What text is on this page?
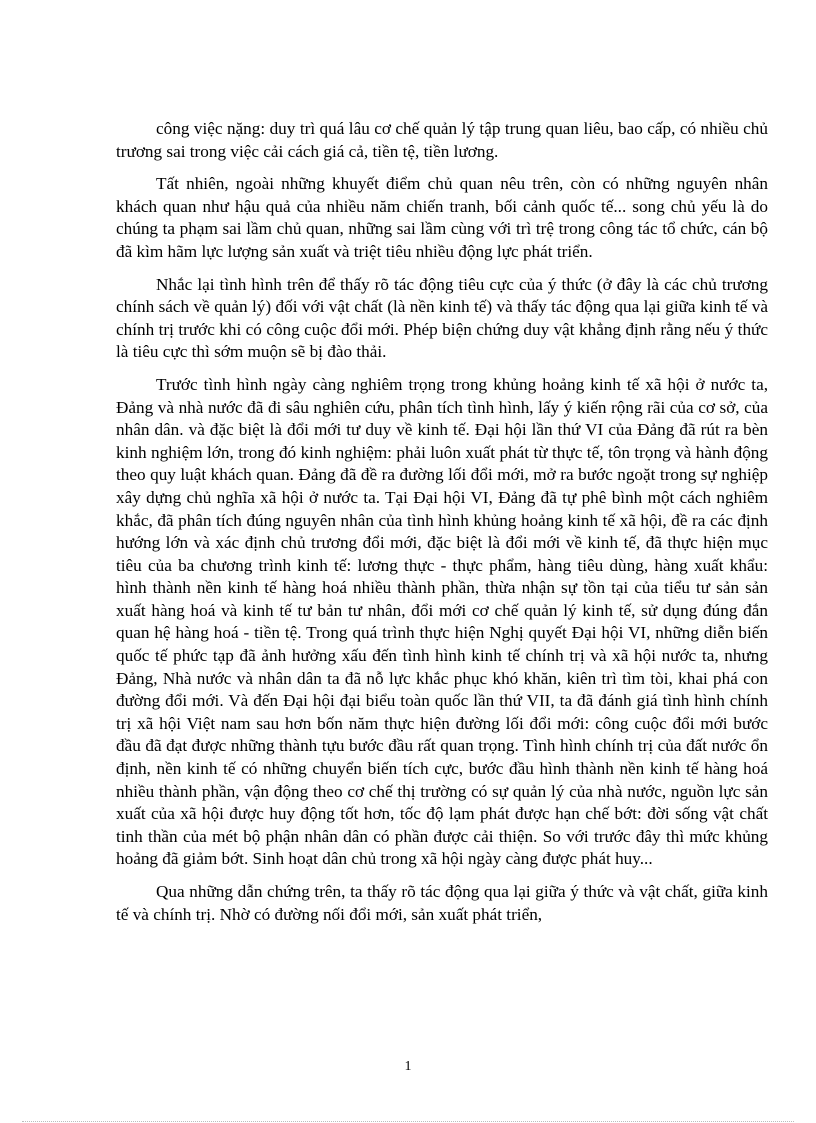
công việc nặng: duy trì quá lâu cơ chế quản lý tập trung quan liêu, bao cấp, có nhiều chủ trương sai trong việc cải cách giá cả, tiền tệ, tiền lương.

Tất nhiên, ngoài những khuyết điểm chủ quan nêu trên, còn có những nguyên nhân khách quan như hậu quả của nhiều năm chiến tranh, bối cảnh quốc tế... song chủ yếu là do chúng ta phạm sai lầm chủ quan, những sai lầm cùng với trì trệ trong công tác tổ chức, cán bộ đã kìm hãm lực lượng sản xuất và triệt tiêu nhiều động lực phát triển.

Nhắc lại tình hình trên để thấy rõ tác động tiêu cực của ý thức (ở đây là các chủ trương chính sách về quản lý) đối với vật chất (là nền kinh tế) và thấy tác động qua lại giữa kinh tế và chính trị trước khi có công cuộc đổi mới. Phép biện chứng duy vật khẳng định rằng nếu ý thức là tiêu cực thì sớm muộn sẽ bị đào thải.

Trước tình hình ngày càng nghiêm trọng trong khủng hoảng kinh tế xã hội ở nước ta, Đảng và nhà nước đã đi sâu nghiên cứu, phân tích tình hình, lấy ý kiến rộng rãi của cơ sở, của nhân dân. và đặc biệt là đổi mới tư duy về kinh tế. Đại hội lần thứ VI của Đảng đã rút ra bèn kinh nghiệm lớn, trong đó kinh nghiệm: phải luôn xuất phát từ thực tế, tôn trọng và hành động theo quy luật khách quan. Đảng đã đề ra đường lối đổi mới, mở ra bước ngoặt trong sự nghiệp xây dựng chủ nghĩa xã hội ở nước ta. Tại Đại hội VI, Đảng đã tự phê bình một cách nghiêm khắc, đã phân tích đúng nguyên nhân của tình hình khủng hoảng kinh tế xã hội, đề ra các định hướng lớn và xác định chủ trương đổi mới, đặc biệt là đổi mới về kinh tế, đã thực hiện mục tiêu của ba chương trình kinh tế: lương thực - thực phẩm, hàng tiêu dùng, hàng xuất khẩu: hình thành nền kinh tế hàng hoá nhiều thành phần, thừa nhận sự tồn tại của tiểu tư sản sản xuất hàng hoá và kinh tế tư bản tư nhân, đổi mới cơ chế quản lý kinh tế, sử dụng đúng đắn quan hệ hàng hoá - tiền tệ. Trong quá trình thực hiện Nghị quyết Đại hội VI, những diễn biến quốc tế phức tạp đã ảnh hưởng xấu đến tình hình kinh tế chính trị và xã hội nước ta, nhưng Đảng, Nhà nước và nhân dân ta đã nỗ lực khắc phục khó khăn, kiên trì tìm tòi, khai phá con đường đổi mới. Và đến Đại hội đại biểu toàn quốc lần thứ VII, ta đã đánh giá tình hình chính trị xã hội Việt nam sau hơn bốn năm thực hiện đường lối đổi mới: công cuộc đổi mới bước đầu đã đạt được những thành tựu bước đầu rất quan trọng. Tình hình chính trị của đất nước ổn định, nền kinh tế có những chuyển biến tích cực, bước đầu hình thành nền kinh tế hàng hoá nhiều thành phần, vận động theo cơ chế thị trường có sự quản lý của nhà nước, nguồn lực sản xuất của xã hội được huy động tốt hơn, tốc độ lạm phát được hạn chế bớt: đời sống vật chất tinh thần của mét bộ phận nhân dân có phần được cải thiện. So với trước đây thì mức khủng hoảng đã giảm bớt. Sinh hoạt dân chủ trong xã hội ngày càng được phát huy...

Qua những dẫn chứng trên, ta thấy rõ tác động qua lại giữa ý thức và vật chất, giữa kinh tế và chính trị. Nhờ có đường nối đổi mới, sản xuất phát triển,

1
